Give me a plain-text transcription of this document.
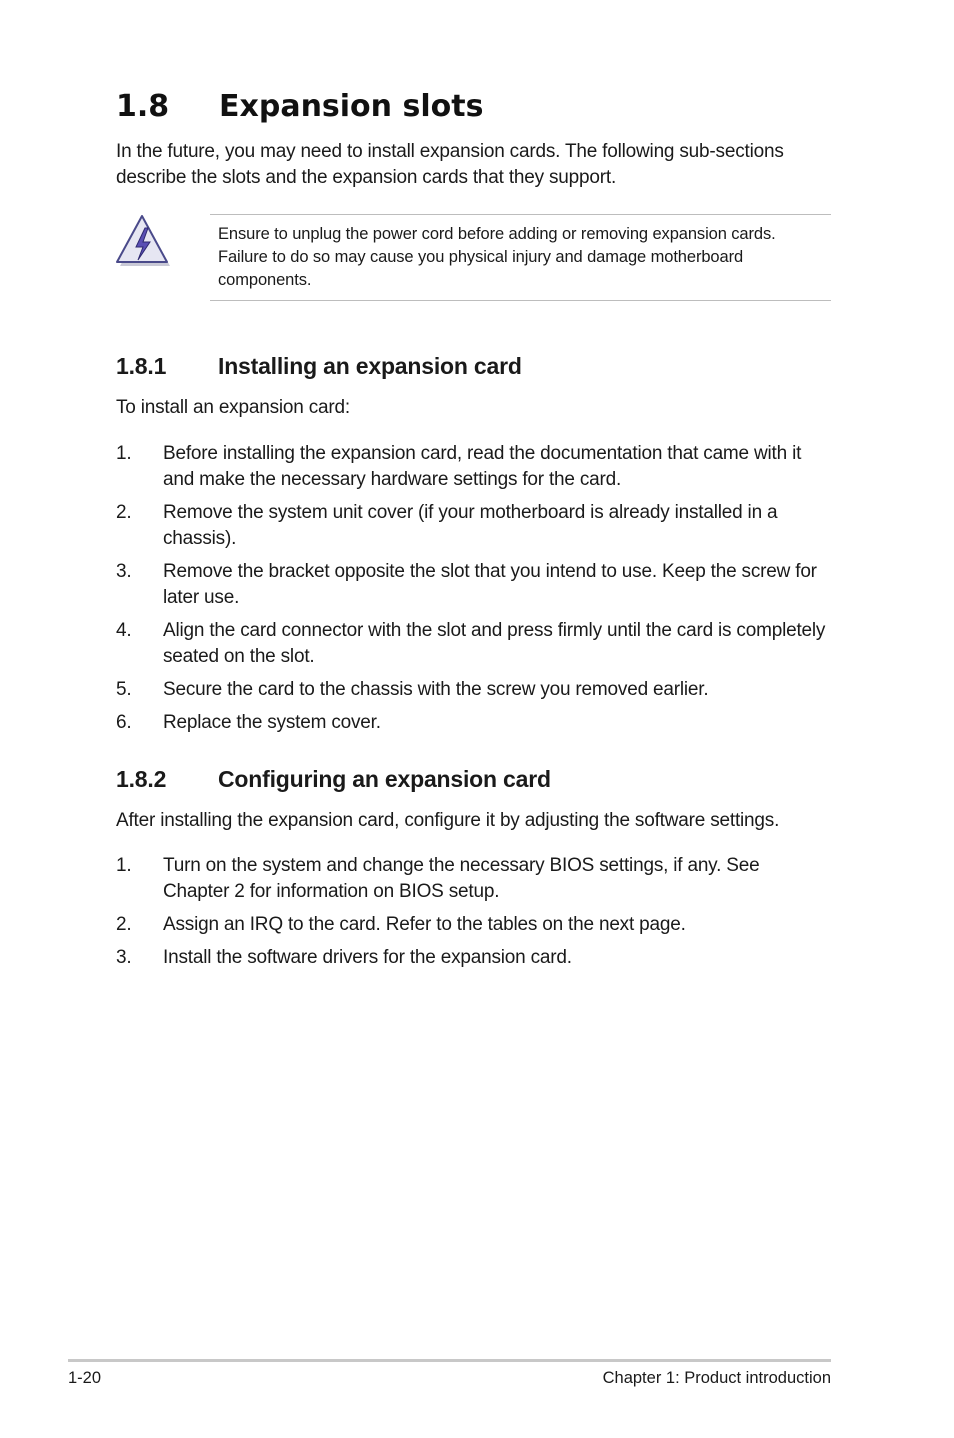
1.8 Expansion slots

In the future, you may need to install expansion cards. The following sub-sections describe the slots and the expansion cards that they support.

Ensure to unplug the power cord before adding or removing expansion cards. Failure to do so may cause you physical injury and damage motherboard components.

1.8.1 Installing an expansion card

To install an expansion card:

1. Before installing the expansion card, read the documentation that came with it and make the necessary hardware settings for the card.
2. Remove the system unit cover (if your motherboard is already installed in a chassis).
3. Remove the bracket opposite the slot that you intend to use. Keep the screw for later use.
4. Align the card connector with the slot and press firmly until the card is completely seated on the slot.
5. Secure the card to the chassis with the screw you removed earlier.
6. Replace the system cover.
1.8.2 Configuring an expansion card

After installing the expansion card, configure it by adjusting the software settings.

1. Turn on the system and change the necessary BIOS settings, if any. See Chapter 2 for information on BIOS setup.
2. Assign an IRQ to the card. Refer to the tables on the next page.
3. Install the software drivers for the expansion card.
1-20	Chapter 1: Product introduction
